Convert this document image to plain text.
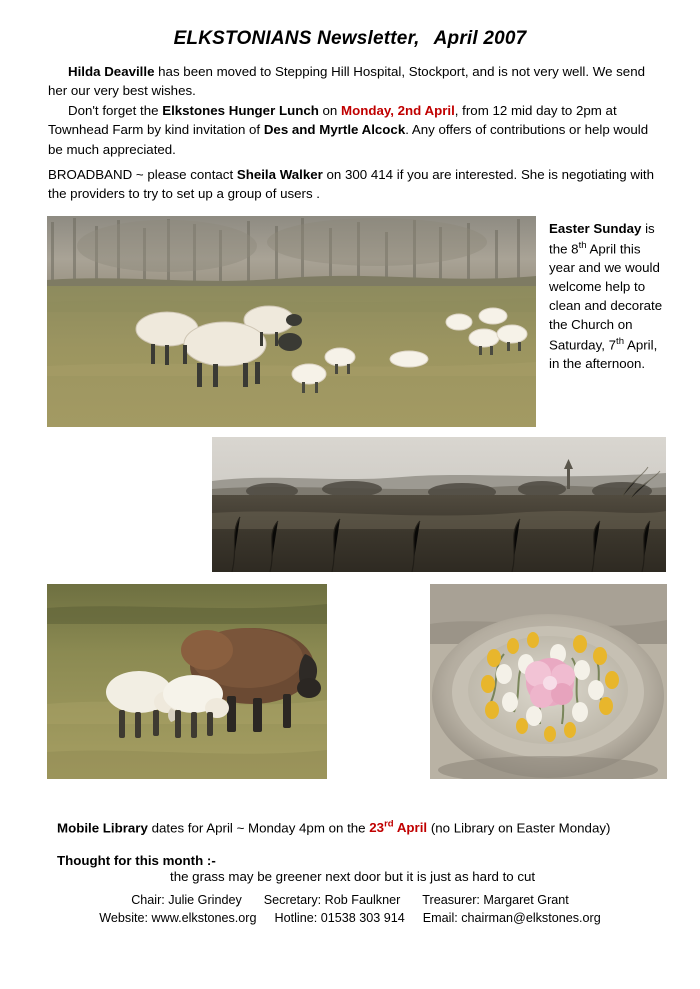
ELKSTONIANS Newsletter, April 2007
Hilda Deaville has been moved to Stepping Hill Hospital, Stockport, and is not very well. We send her our very best wishes.
Don't forget the Elkstones Hunger Lunch on Monday, 2nd April, from 12 mid day to 2pm at Townhead Farm by kind invitation of Des and Myrtle Alcock. Any offers of contributions or help would be much appreciated.
BROADBAND ~ please contact Sheila Walker on 300 414 if you are interested. She is negotiating with the providers to try to set up a group of users .
Easter Sunday is the 8th April this year and we would welcome help to clean and decorate the Church on Saturday, 7th April, in the afternoon.
Mobile Library dates for April ~ Monday 4pm on the 23rd April (no Library on Easter Monday)
Thought for this month :-
the grass may be greener next door but it is just as hard to cut
Chair: Julie Grindey Secretary: Rob Faulkner Treasurer: Margaret Grant
Website: www.elkstones.org Hotline: 01538 303 914 Email: chairman@elkstones.org
